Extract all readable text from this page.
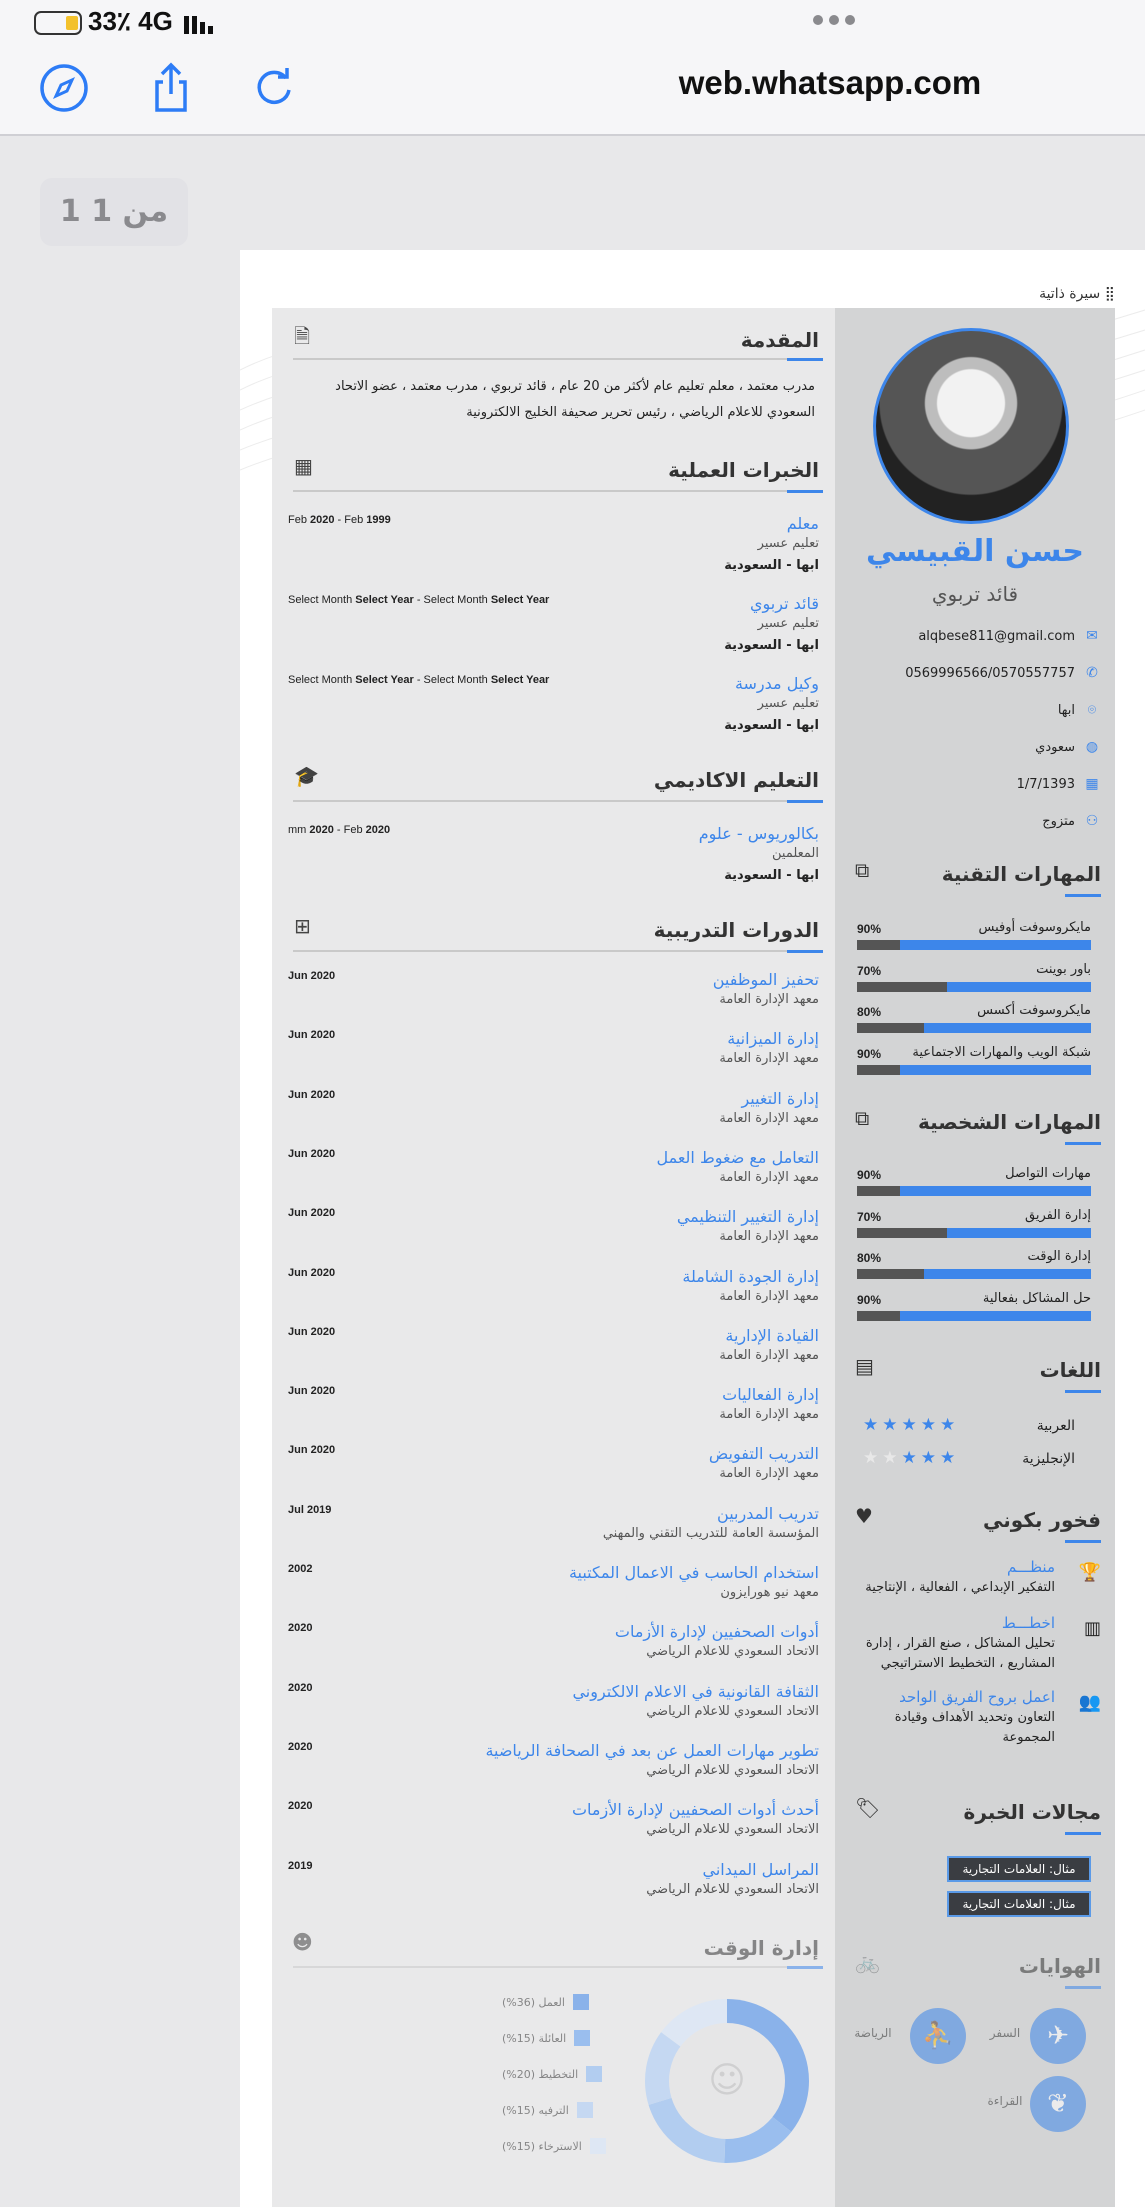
33٪ 4G
web.whatsapp.com
1 من 1
⣿ سيرة ذاتية
المقدمة
🗎
مدرب معتمد ، معلم تعليم عام لأكثر من 20 عام ، قائد تربوي ، مدرب معتمد ، عضو الاتحاد السعودي للاعلام الرياضي ، رئيس تحرير صحيفة الخليج الالكترونية
الخبرات العملية
▦
معلم
تعليم عسير
ابها - السعودية
Feb 2020 - Feb 1999
قائد تربوي
تعليم عسير
ابها - السعودية
Select Month Select Year - Select Month Select Year
وكيل مدرسة
تعليم عسير
ابها - السعودية
Select Month Select Year - Select Month Select Year
التعليم الاكاديمي
🎓
بكالوريوس - علوم
المعلمين
ابها - السعودية
mm 2020 - Feb 2020
الدورات التدريبية
⊞
تحفيز الموظفين
معهد الإدارة العامة
Jun 2020
إدارة الميزانية
معهد الإدارة العامة
Jun 2020
إدارة التغيير
معهد الإدارة العامة
Jun 2020
التعامل مع ضغوط العمل
معهد الإدارة العامة
Jun 2020
إدارة التغيير التنظيمي
معهد الإدارة العامة
Jun 2020
إدارة الجودة الشاملة
معهد الإدارة العامة
Jun 2020
القيادة الإدارية
معهد الإدارة العامة
Jun 2020
إدارة الفعاليات
معهد الإدارة العامة
Jun 2020
التدريب التفويض
معهد الإدارة العامة
Jun 2020
تدريب المدربين
المؤسسة العامة للتدريب التقني والمهني
Jul 2019
استخدام الحاسب في الاعمال المكتبية
معهد نيو هورايزون
2002
أدوات الصحفيين لإدارة الأزمات
الاتحاد السعودي للاعلام الرياضي
2020
الثقافة القانونية في الاعلام الالكتروني
الاتحاد السعودي للاعلام الرياضي
2020
تطوير مهارات العمل عن بعد في الصحافة الرياضية
الاتحاد السعودي للاعلام الرياضي
2020
أحدث أدوات الصحفيين لإدارة الأزمات
الاتحاد السعودي للاعلام الرياضي
2020
المراسل الميداني
الاتحاد السعودي للاعلام الرياضي
2019
إدارة الوقت
☻
☺
العمل (36%)
العائلة (15%)
التخطيط (20%)
الترفيه (15%)
الاسترخاء (15%)
حسن القبيسي
قائد تربوي
✉
alqbese811@gmail.com
✆
0569996566/0570557757
⌾
ابها
◍
سعودي
▦
1/7/1393
⚇
متزوج
المهارات التقنية
⧉
مايكروسوفت أوفيس
90%
باور بوينت
70%
مايكروسوفت أكسس
80%
شبكة الويب والمهارات الاجتماعية
90%
المهارات الشخصية
⧉
مهارات التواصل
90%
إدارة الفريق
70%
إدارة الوقت
80%
حل المشاكل بفعالية
90%
اللغات
▤
العربية
★★★★★
الإنجليزية
★★★★★
فخور بكوني
♥
🏆
منظـــم
التفكير الإبداعي ، الفعالية ، الإنتاجية
▥
اخطـــط
تحليل المشاكل ، صنع القرار ، إدارة المشاريع ، التخطيط الاستراتيجي
👥
اعمل بروح الفريق الواحد
التعاون وتحديد الأهداف وقيادة المجموعة
مجالات الخبرة
🏷
مثال: العلامات التجارية
مثال: العلامات التجارية
الهوايات
🚲
✈
السفر
⛹
الرياضة
❦
القراءة
